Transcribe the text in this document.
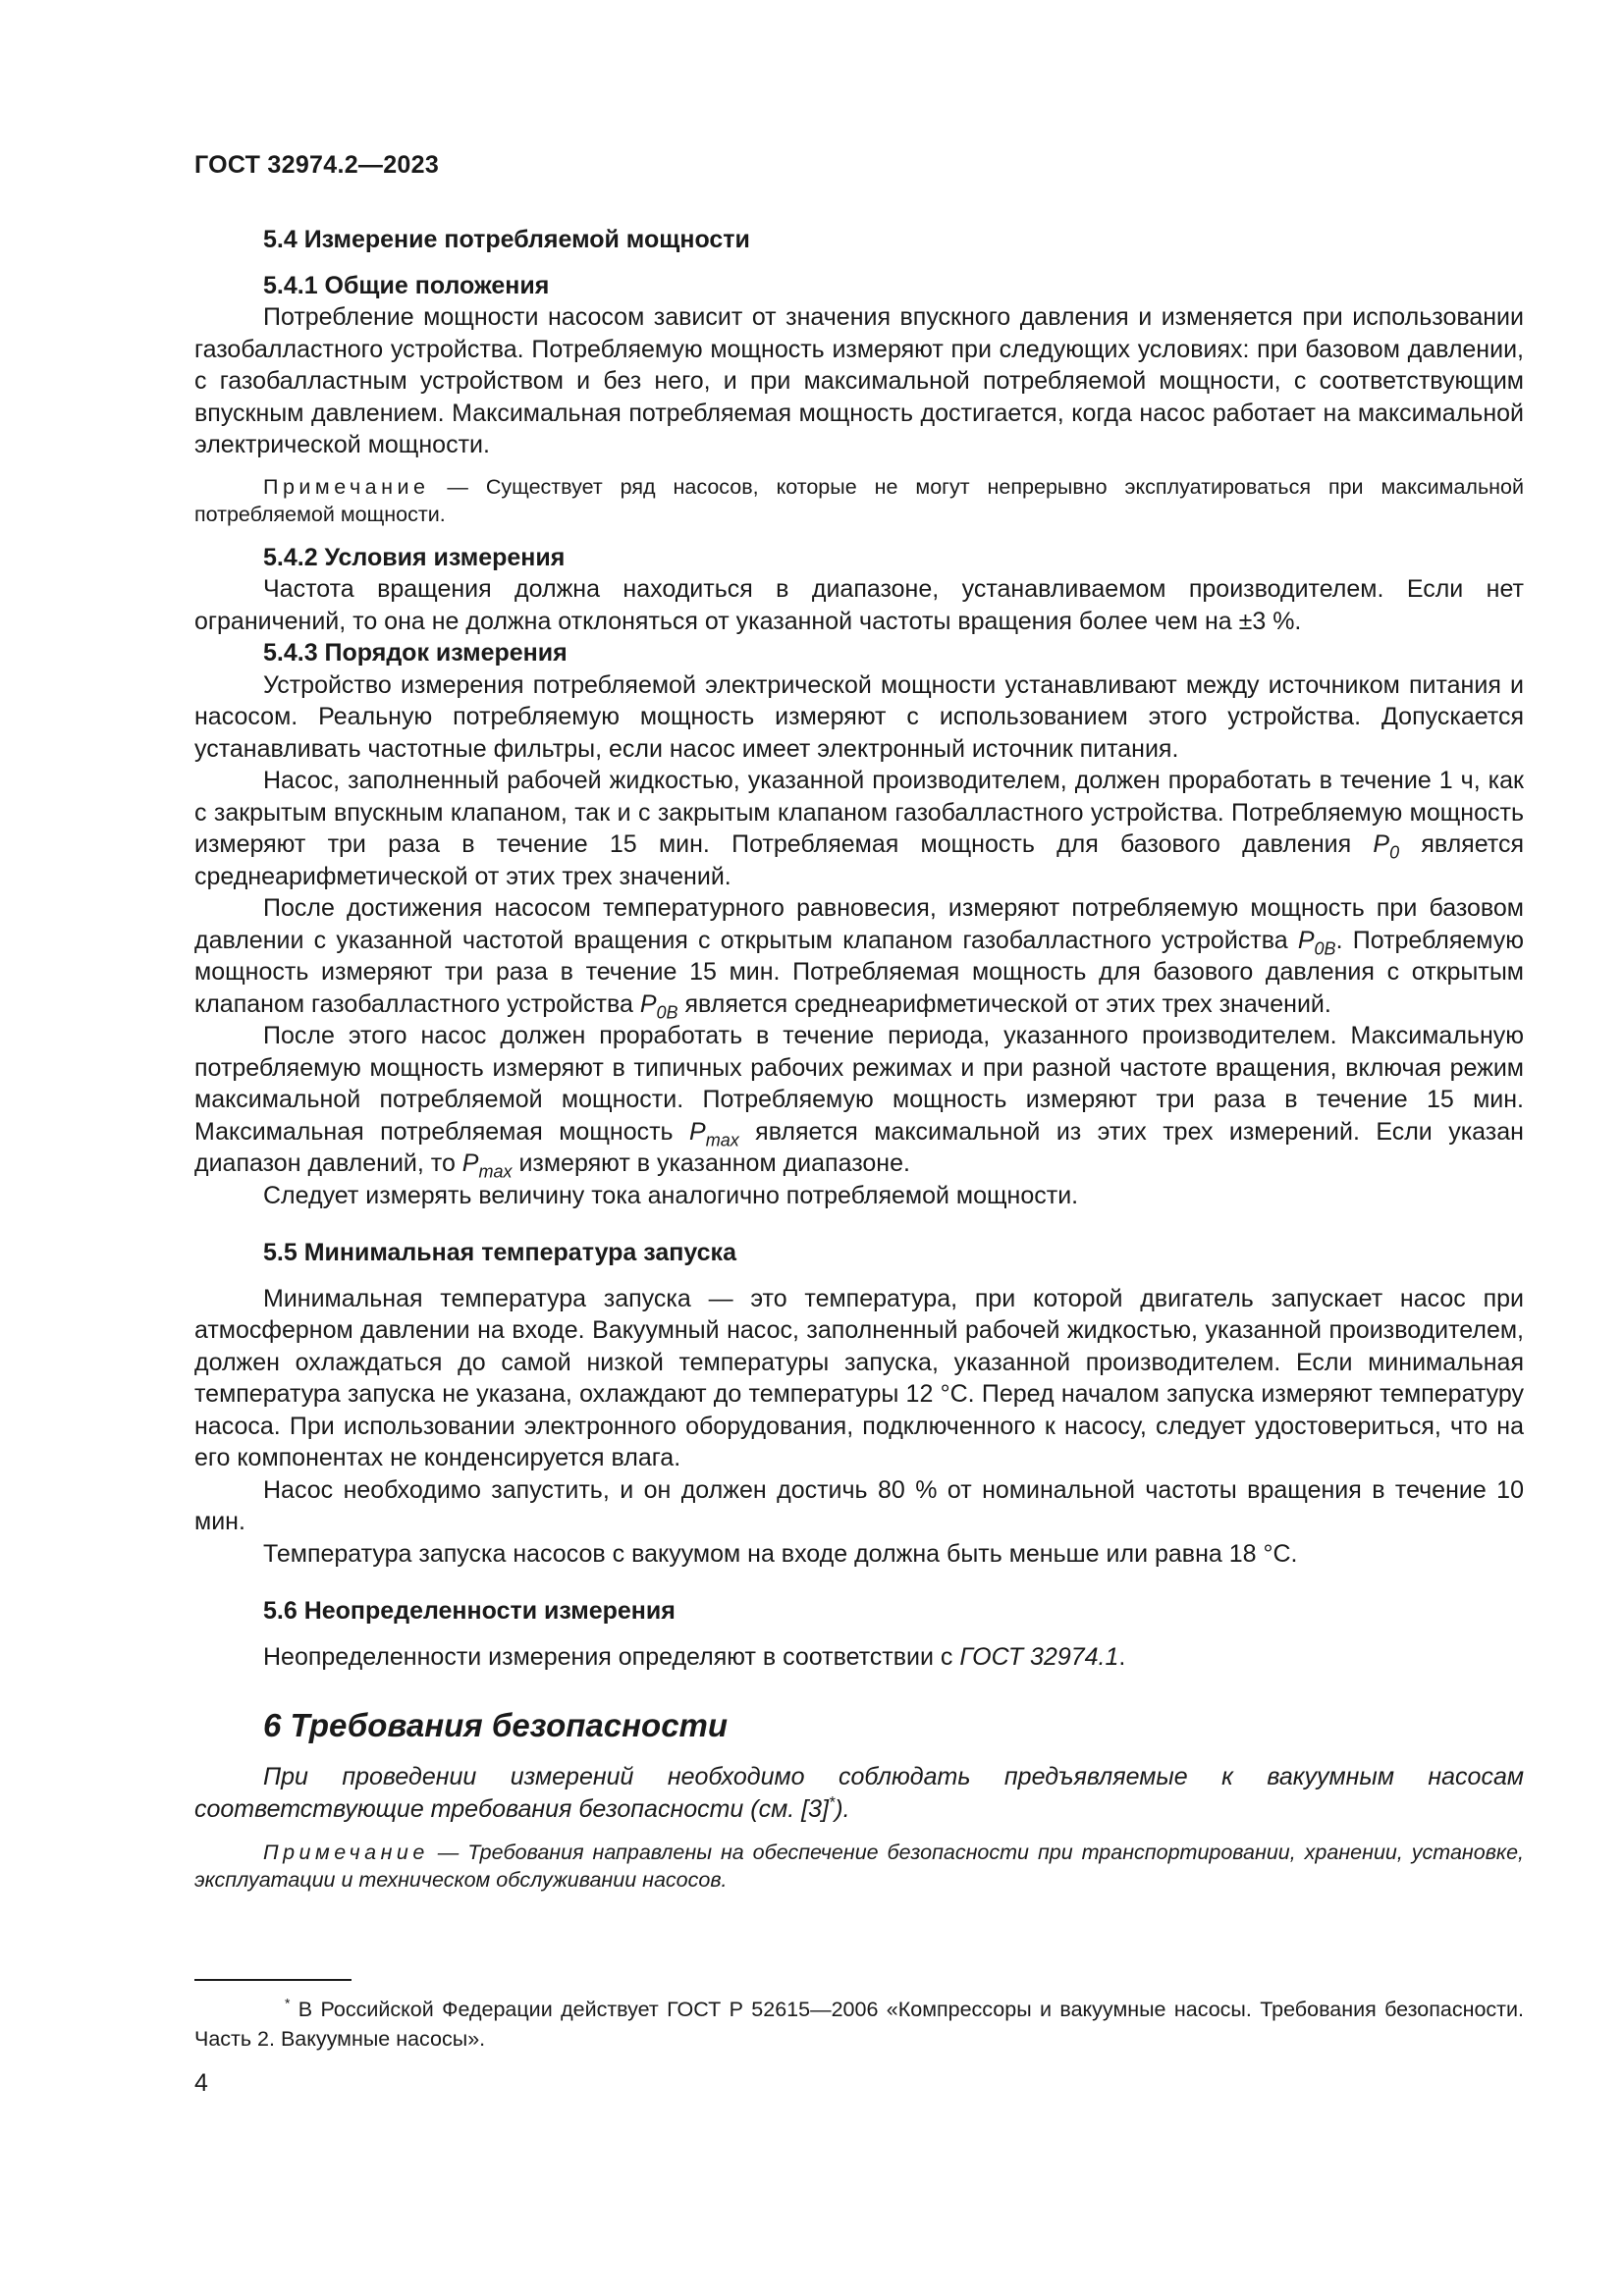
ГОСТ 32974.2—2023
5.4 Измерение потребляемой мощности
5.4.1 Общие положения

Потребление мощности насосом зависит от значения впускного давления и изменяется при использовании газобалластного устройства. Потребляемую мощность измеряют при следующих условиях: при базовом давлении, с газобалластным устройством и без него, и при максимальной потребляемой мощности, с соответствующим впускным давлением. Максимальная потребляемая мощность достигается, когда насос работает на максимальной электрической мощности.

Примечание — Существует ряд насосов, которые не могут непрерывно эксплуатироваться при максимальной потребляемой мощности.

5.4.2 Условия измерения

Частота вращения должна находиться в диапазоне, устанавливаемом производителем. Если нет ограничений, то она не должна отклоняться от указанной частоты вращения более чем на ±3 %.

5.4.3 Порядок измерения

Устройство измерения потребляемой электрической мощности устанавливают между источником питания и насосом. Реальную потребляемую мощность измеряют с использованием этого устройства. Допускается устанавливать частотные фильтры, если насос имеет электронный источник питания.

Насос, заполненный рабочей жидкостью, указанной производителем, должен проработать в течение 1 ч, как с закрытым впускным клапаном, так и с закрытым клапаном газобалластного устройства. Потребляемую мощность измеряют три раза в течение 15 мин. Потребляемая мощность для базового давления $P_0$ является среднеарифметической от этих трех значений.

После достижения насосом температурного равновесия, измеряют потребляемую мощность при базовом давлении с указанной частотой вращения с открытым клапаном газобалластного устройства $P_{0B}$. Потребляемую мощность измеряют три раза в течение 15 мин. Потребляемая мощность для базового давления с открытым клапаном газобалластного устройства $P_{0B}$ является среднеарифметической от этих трех значений.

После этого насос должен проработать в течение периода, указанного производителем. Максимальную потребляемую мощность измеряют в типичных рабочих режимах и при разной частоте вращения, включая режим максимальной потребляемой мощности. Потребляемую мощность измеряют три раза в течение 15 мин. Максимальная потребляемая мощность $P_{max}$ является максимальной из этих трех измерений. Если указан диапазон давлений, то $P_{max}$ измеряют в указанном диапазоне.

Следует измерять величину тока аналогично потребляемой мощности.

5.5 Минимальная температура запуска

Минимальная температура запуска — это температура, при которой двигатель запускает насос при атмосферном давлении на входе. Вакуумный насос, заполненный рабочей жидкостью, указанной производителем, должен охлаждаться до самой низкой температуры запуска, указанной производителем. Если минимальная температура запуска не указана, охлаждают до температуры 12 °C. Перед началом запуска измеряют температуру насоса. При использовании электронного оборудования, подключенного к насосу, следует удостовериться, что на его компонентах не конденсируется влага.

Насос необходимо запустить, и он должен достичь 80 % от номинальной частоты вращения в течение 10 мин.

Температура запуска насосов с вакуумом на входе должна быть меньше или равна 18 °C.

5.6 Неопределенности измерения

Неопределенности измерения определяют в соответствии с ГОСТ 32974.1.

6 Требования безопасности

При проведении измерений необходимо соблюдать предъявляемые к вакуумным насосам соответствующие требования безопасности (см. [3]*).

Примечание — Требования направлены на обеспечение безопасности при транспортировании, хранении, установке, эксплуатации и техническом обслуживании насосов.

* В Российской Федерации действует ГОСТ Р 52615—2006 «Компрессоры и вакуумные насосы. Требования безопасности. Часть 2. Вакуумные насосы».
4
